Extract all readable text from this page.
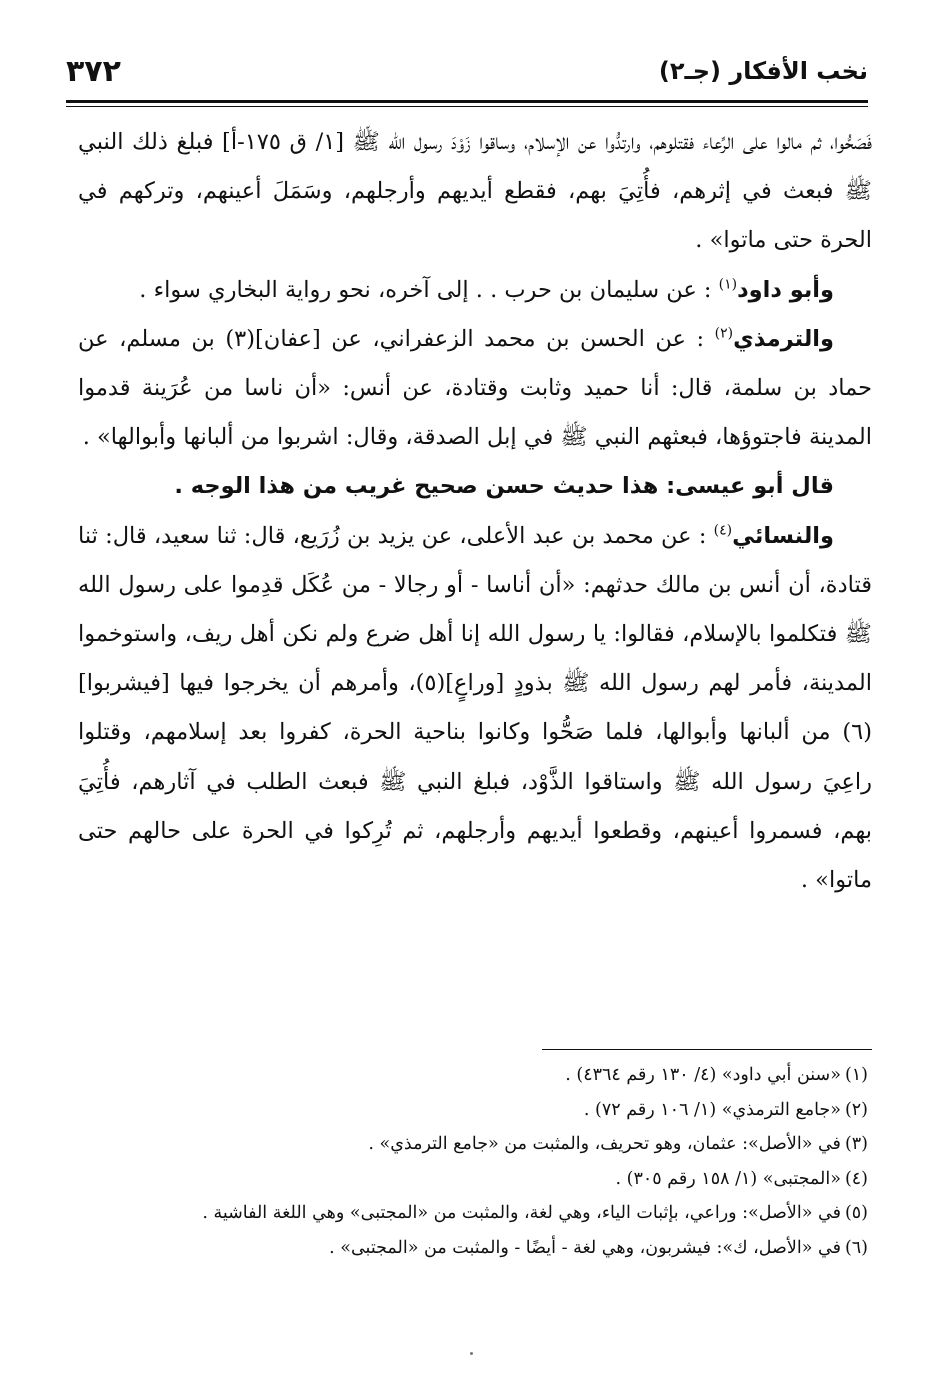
نخب الأفكار (جـ٢)
٣٧٢

فَصَحُّوا، ثم مالوا على الرِّعاء فقتلوهم، وارتدُّوا عن الإسلام، وساقوا زَوْدَ رسول الله ﷺ [١/ ق ١٧٥-أ] فبلغ ذلك النبي ﷺ فبعث في إثرهم، فأُتِيَ بهم، فقطع أيديهم وأرجلهم، وسَمَلَ أعينهم، وتركهم في الحرة حتى ماتوا» .

وأبو داود$^{(١)}$ : عن سليمان بن حرب . . إلى آخره، نحو رواية البخاري سواء .

والترمذي$^{(٢)}$ : عن الحسن بن محمد الزعفراني، عن [عفان](٣) بن مسلم، عن حماد بن سلمة، قال: أنا حميد وثابت وقتادة، عن أنس: «أن ناسا من عُرَينة قدموا المدينة فاجتوؤها، فبعثهم النبي ﷺ في إبل الصدقة، وقال: اشربوا من ألبانها وأبوالها» .

قال أبو عيسى: هذا حديث حسن صحيح غريب من هذا الوجه .

والنسائي$^{(٤)}$ : عن محمد بن عبد الأعلى، عن يزيد بن زُرَيع، قال: ثنا سعيد، قال: ثنا قتادة، أن أنس بن مالك حدثهم: «أن أناسا - أو رجالا - من عُكَل قدِموا على رسول الله ﷺ فتكلموا بالإسلام، فقالوا: يا رسول الله إنا أهل ضرع ولم نكن أهل ريف، واستوخموا المدينة، فأمر لهم رسول الله ﷺ بذودٍ [وراعٍ](٥)، وأمرهم أن يخرجوا فيها [فيشربوا](٦) من ألبانها وأبوالها، فلما صَحُّوا وكانوا بناحية الحرة، كفروا بعد إسلامهم، وقتلوا راعِيَ رسول الله ﷺ واستاقوا الذَّوْد، فبلغ النبي ﷺ فبعث الطلب في آثارهم، فأُتِيَ بهم، فسمروا أعينهم، وقطعوا أيديهم وأرجلهم، ثم تُرِكوا في الحرة على حالهم حتى ماتوا» .

(١)«سنن أبي داود» (٤/ ١٣٠ رقم ٤٣٦٤) .

(٢)«جامع الترمذي» (١/ ١٠٦ رقم ٧٢) .

(٣)في «الأصل»: عثمان، وهو تحريف، والمثبت من «جامع الترمذي» .

(٤)«المجتبى» (١/ ١٥٨ رقم ٣٠٥) .

(٥)في «الأصل»: وراعي، بإثبات الياء، وهي لغة، والمثبت من «المجتبى» وهي اللغة الفاشية .

(٦)في «الأصل، ك»: فيشربون، وهي لغة - أيضًا - والمثبت من «المجتبى» .
